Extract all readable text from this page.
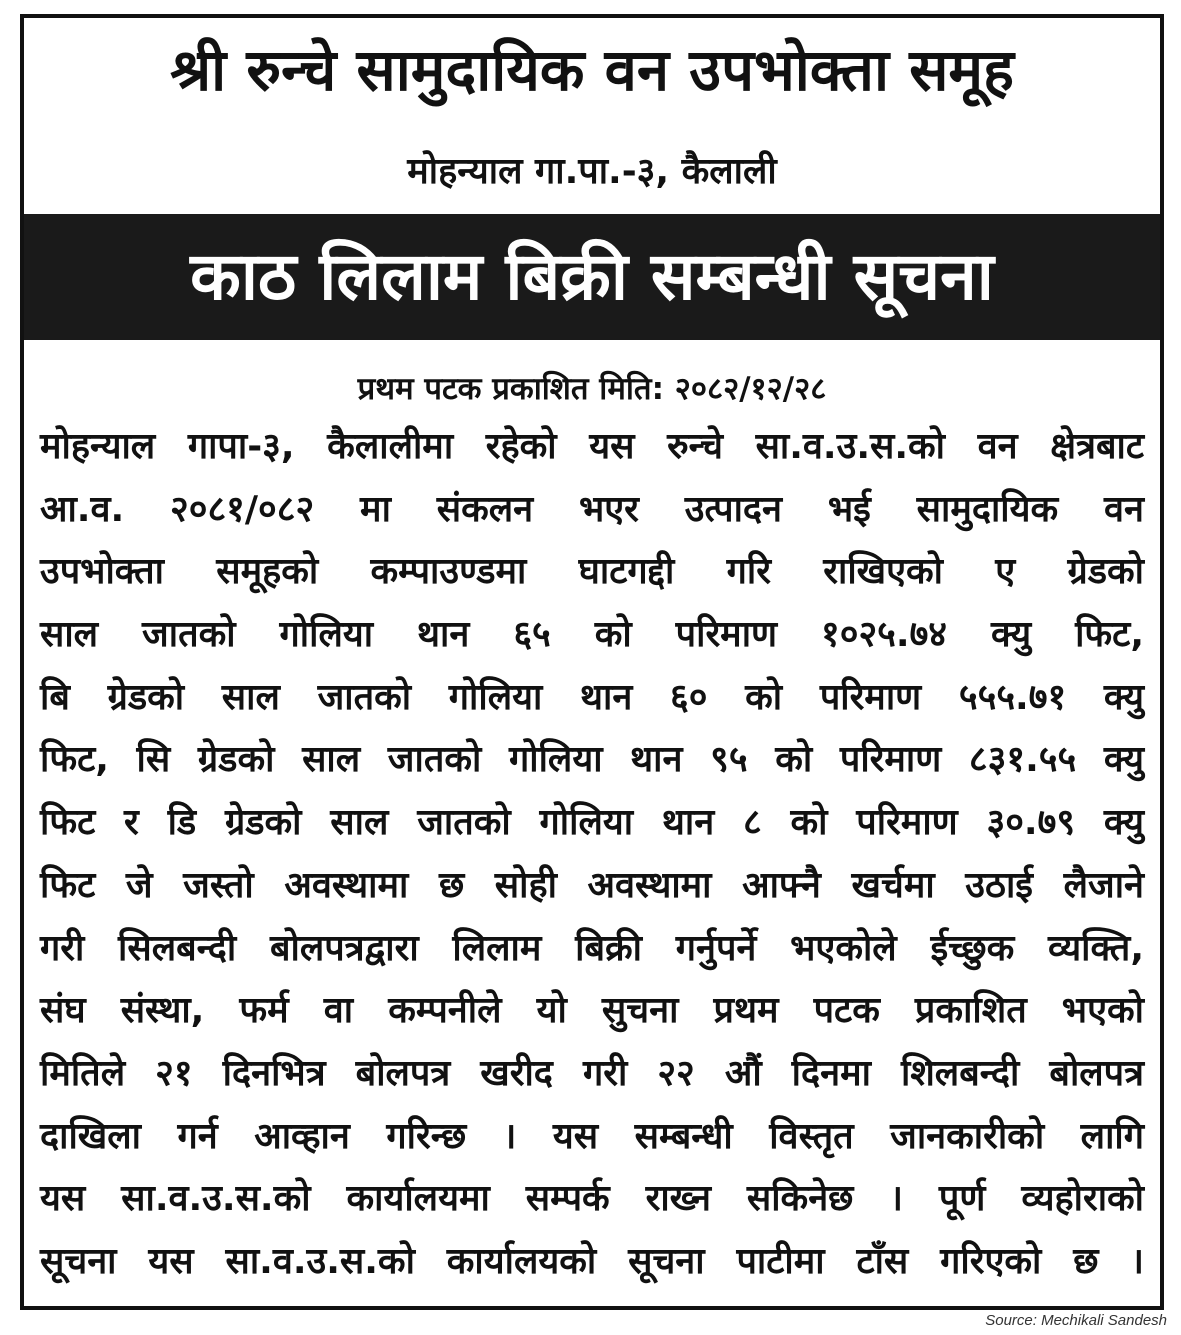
श्री रुन्चे सामुदायिक वन उपभोक्ता समूह
मोहन्याल गा.पा.-३, कैलाली
काठ लिलाम बिक्री सम्बन्धी सूचना
प्रथम पटक प्रकाशित मिति: २०८२/१२/२८
मोहन्याल गापा-३, कैलालीमा रहेको यस रुन्चे सा.व.उ.स.को वन क्षेत्रबाट
आ.व. २०८१/०८२ मा संकलन भएर उत्पादन भई सामुदायिक वन
उपभोक्ता समूहको कम्पाउण्डमा घाटगद्दी गरि राखिएको ए ग्रेडको
साल जातको गोलिया थान ६५ को परिमाण १०२५.७४ क्यु फिट,
बि ग्रेडको साल जातको गोलिया थान ६० को परिमाण ५५५.७१ क्यु
फिट, सि ग्रेडको साल जातको गोलिया थान ९५ को परिमाण ८३१.५५ क्यु
फिट र डि ग्रेडको साल जातको गोलिया थान ८ को परिमाण ३०.७९ क्यु
फिट जे जस्तो अवस्थामा छ सोही अवस्थामा आफ्नै खर्चमा उठाई लैजाने
गरी सिलबन्दी बोलपत्रद्वारा लिलाम बिक्री गर्नुपर्ने भएकोले ईच्छुक व्यक्ति,
संघ संस्था, फर्म वा कम्पनीले यो सुचना प्रथम पटक प्रकाशित भएको
मितिले २१ दिनभित्र बोलपत्र खरीद गरी २२ औं दिनमा शिलबन्दी बोलपत्र
दाखिला गर्न आव्हान गरिन्छ । यस सम्बन्धी विस्तृत जानकारीको लागि
यस सा.व.उ.स.को कार्यालयमा सम्पर्क राख्न सकिनेछ । पूर्ण व्यहोराको
सूचना यस सा.व.उ.स.को कार्यालयको सूचना पाटीमा टाँस गरिएको छ ।
Source: Mechikali Sandesh
